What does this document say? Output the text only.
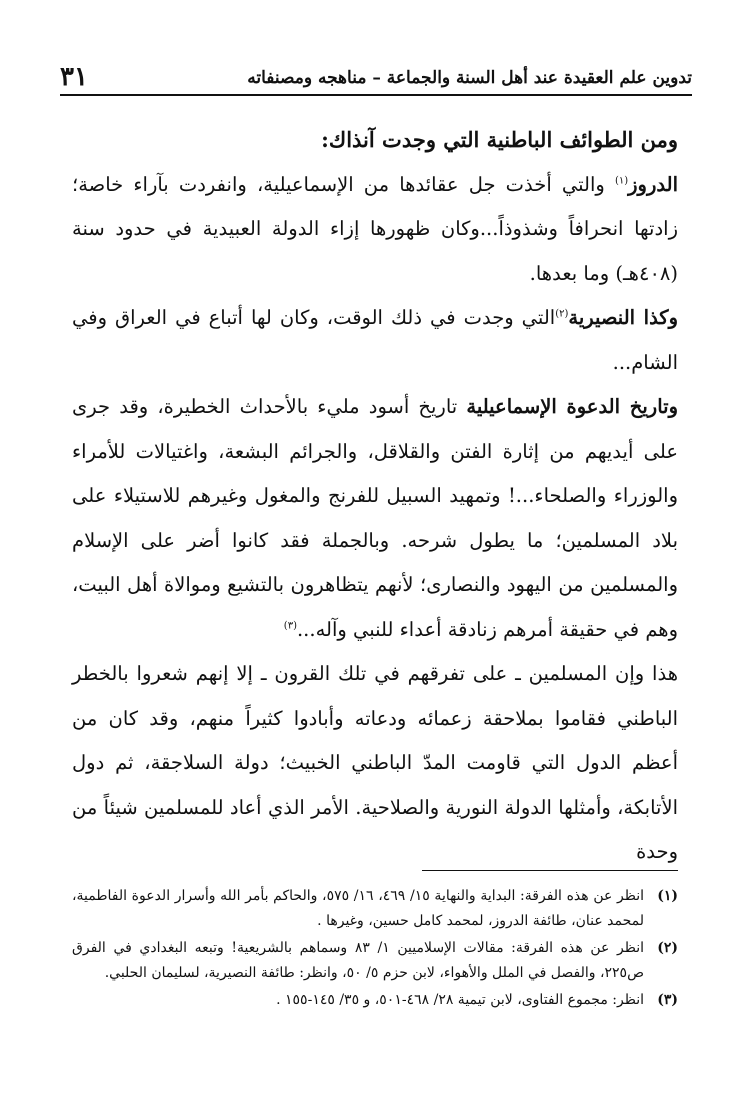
تدوين علم العقيدة عند أهل السنة والجماعة – مناهجه ومصنفاته
٣١

ومن الطوائف الباطنية التي وجدت آنذاك:

الدروز$^{(١)}$ والتي أخذت جل عقائدها من الإسماعيلية، وانفردت بآراء خاصة؛ زادتها انحرافاً وشذوذاً...وكان ظهورها إزاء الدولة العبيدية في حدود سنة (٤٠٨هـ) وما بعدها.

وكذا النصيرية$^{(٢)}$التي وجدت في ذلك الوقت، وكان لها أتباع في العراق وفي الشام...

وتاريخ الدعوة الإسماعيلية تاريخ أسود مليء بالأحداث الخطيرة، وقد جرى على أيديهم من إثارة الفتن والقلاقل، والجرائم البشعة، واغتيالات للأمراء والوزراء والصلحاء...! وتمهيد السبيل للفرنج والمغول وغيرهم للاستيلاء على بلاد المسلمين؛ ما يطول شرحه. وبالجملة فقد كانوا أضر على الإسلام والمسلمين من اليهود والنصارى؛ لأنهم يتظاهرون بالتشيع وموالاة أهل البيت، وهم في حقيقة أمرهم زنادقة أعداء للنبي وآله...$^{(٣)}$

هذا وإن المسلمين ـ على تفرقهم في تلك القرون ـ إلا إنهم شعروا بالخطر الباطني فقاموا بملاحقة زعمائه ودعاته وأبادوا كثيراً منهم، وقد كان من أعظم الدول التي قاومت المدّ الباطني الخبيث؛ دولة السلاجقة، ثم دول الأتابكة، وأمثلها الدولة النورية والصلاحية. الأمر الذي أعاد للمسلمين شيئاً من وحدة

(١)انظر عن هذه الفرقة: البداية والنهاية ١٥/ ٤٦٩، ١٦/ ٥٧٥، والحاكم بأمر الله وأسرار الدعوة الفاطمية، لمحمد عنان، طائفة الدروز، لمحمد كامل حسين، وغيرها .

(٢)انظر عن هذه الفرقة: مقالات الإسلاميين ١/ ٨٣ وسماهم بالشريعية! وتبعه البغدادي في الفرق ص٢٢٥، والفصل في الملل والأهواء، لابن حزم ٥/ ٥٠، وانظر: طائفة النصيرية، لسليمان الحلبي.

(٣)انظر: مجموع الفتاوى، لابن تيمية ٢٨/ ٤٦٨-٥٠١، و ٣٥/ ١٤٥-١٥٥ .
